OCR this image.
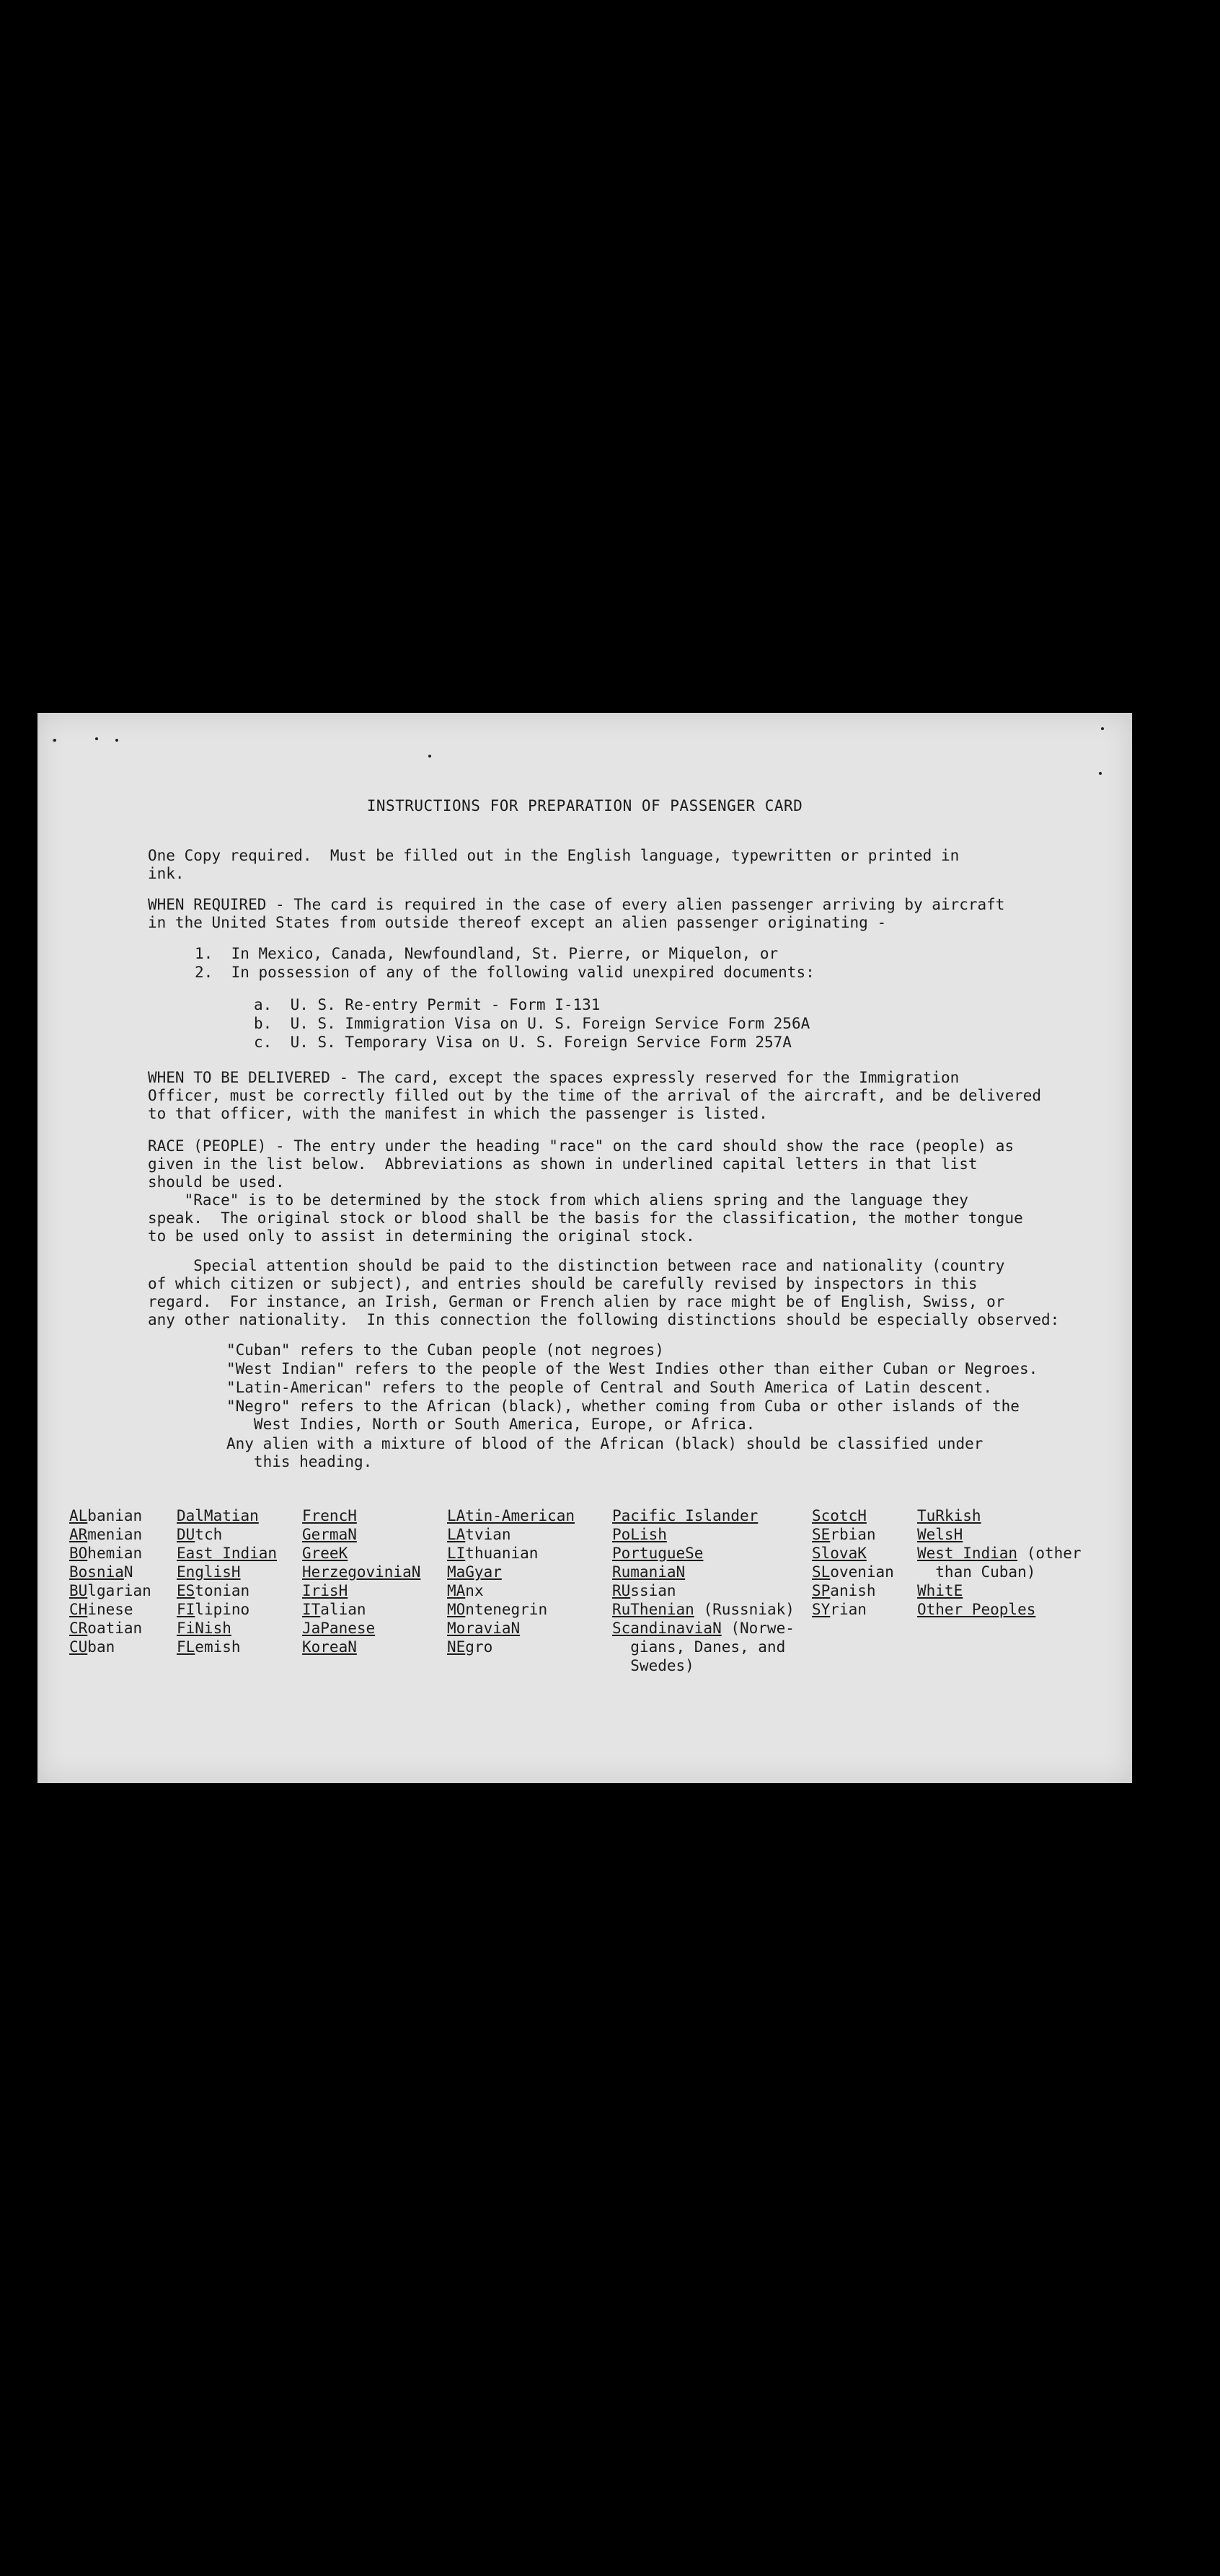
INSTRUCTIONS FOR PREPARATION OF PASSENGER CARD
One Copy required.  Must be filled out in the English language, typewritten or printed in
ink.
WHEN REQUIRED - The card is required in the case of every alien passenger arriving by aircraft
in the United States from outside thereof except an alien passenger originating -
1.  In Mexico, Canada, Newfoundland, St. Pierre, or Miquelon, or
2.  In possession of any of the following valid unexpired documents:
a.  U. S. Re-entry Permit - Form I-131
b.  U. S. Immigration Visa on U. S. Foreign Service Form 256A
c.  U. S. Temporary Visa on U. S. Foreign Service Form 257A
WHEN TO BE DELIVERED - The card, except the spaces expressly reserved for the Immigration
Officer, must be correctly filled out by the time of the arrival of the aircraft, and be delivered
to that officer, with the manifest in which the passenger is listed.
RACE (PEOPLE) - The entry under the heading "race" on the card should show the race (people) as
given in the list below.  Abbreviations as shown in underlined capital letters in that list
should be used.
"Race" is to be determined by the stock from which aliens spring and the language they
speak.  The original stock or blood shall be the basis for the classification, the mother tongue
to be used only to assist in determining the original stock.
Special attention should be paid to the distinction between race and nationality (country
of which citizen or subject), and entries should be carefully revised by inspectors in this
regard.  For instance, an Irish, German or French alien by race might be of English, Swiss, or
any other nationality.  In this connection the following distinctions should be especially observed:
"Cuban" refers to the Cuban people (not negroes)
"West Indian" refers to the people of the West Indies other than either Cuban or Negroes.
"Latin-American" refers to the people of Central and South America of Latin descent.
"Negro" refers to the African (black), whether coming from Cuba or other islands of the
West Indies, North or South America, Europe, or Africa.
Any alien with a mixture of blood of the African (black) should be classified under
this heading.
ALbanian
ARmenian
BOhemian
BosniaN
BUlgarian
CHinese
CRoatian
CUban
DalMatian
DUtch
East Indian
EnglisH
EStonian
FIlipino
FiNish
FLemish
FrencH
GermaN
GreeK
HerzegoviniaN
IrisH
ITalian
JaPanese
KoreaN
LAtin-American
LAtvian
LIthuanian
MaGyar
MAnx
MOntenegrin
MoraviaN
NEgro
Pacific Islander
PoLish
PortugueSe
RumaniaN
RUssian
RuThenian (Russniak)
ScandinaviaN (Norwe-
gians, Danes, and
Swedes)
ScotcH
SErbian
SlovaK
SLovenian
SPanish
SYrian
TuRkish
WelsH
West Indian (other
than Cuban)
WhitE
Other Peoples
